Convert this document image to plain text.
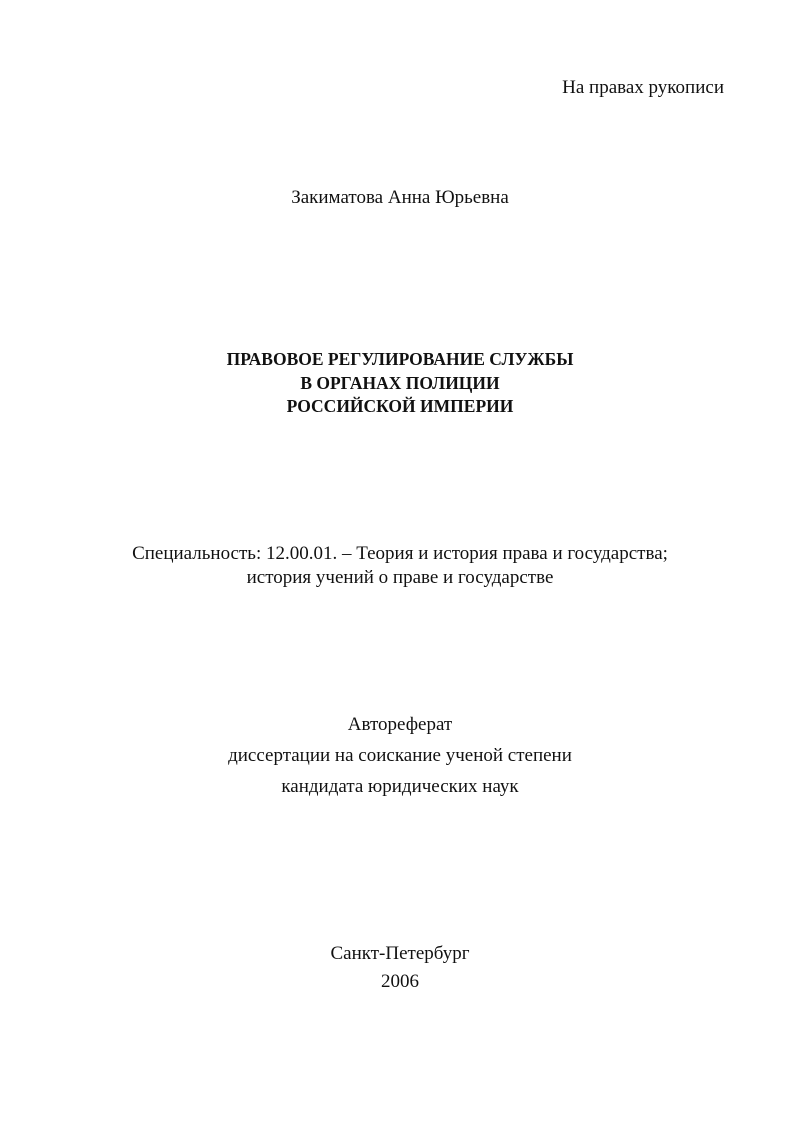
На правах рукописи
Закиматова Анна Юрьевна
ПРАВОВОЕ РЕГУЛИРОВАНИЕ СЛУЖБЫ
В ОРГАНАХ ПОЛИЦИИ
РОССИЙСКОЙ ИМПЕРИИ
Специальность: 12.00.01. – Теория и история права и государства;
история учений о праве и государстве
Автореферат
диссертации на соискание ученой степени
кандидата юридических наук
Санкт-Петербург
2006
